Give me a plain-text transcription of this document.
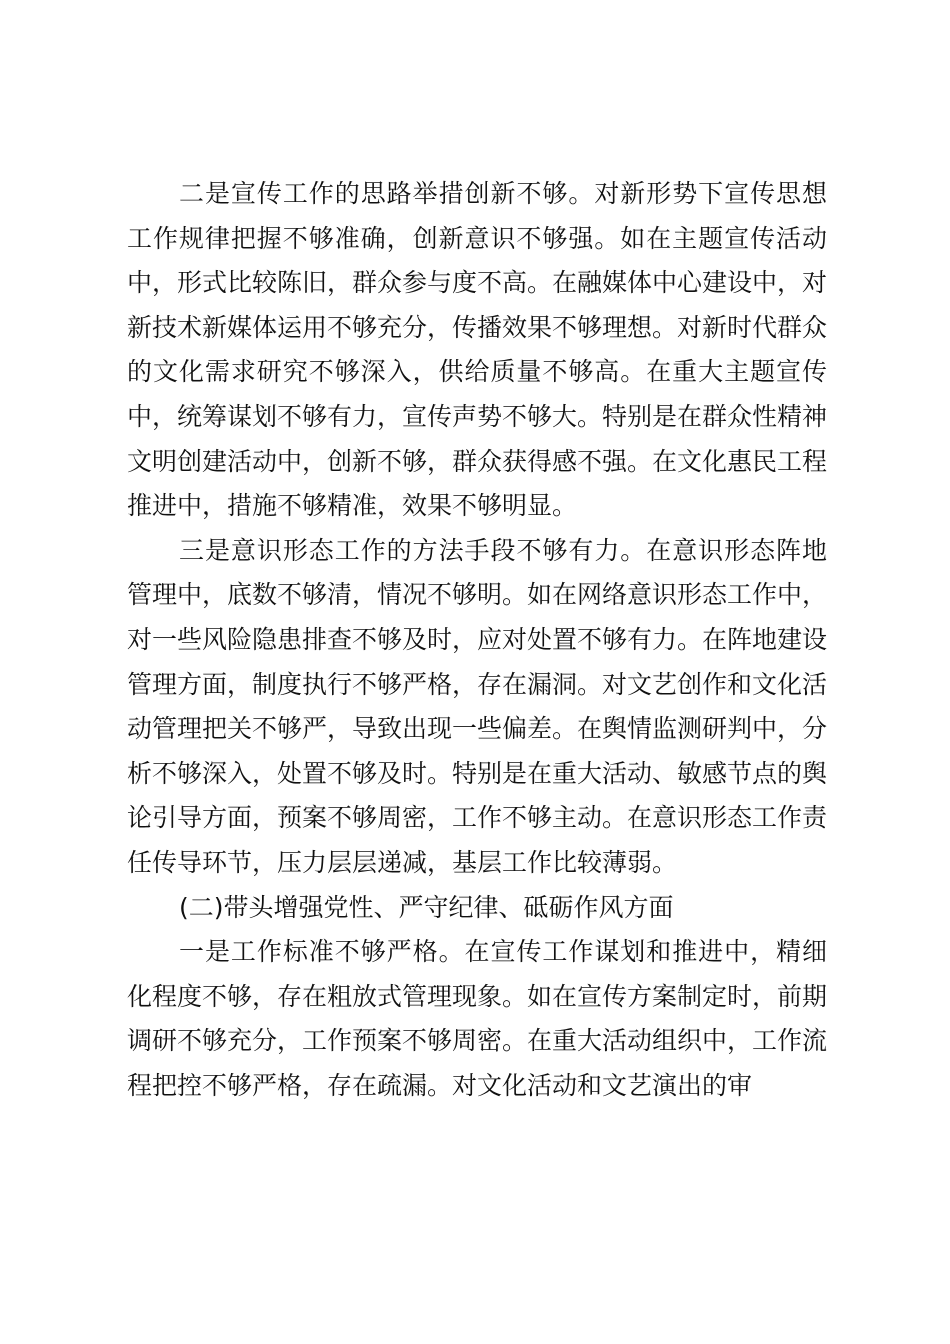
二是宣传工作的思路举措创新不够。对新形势下宣传思想工作规律把握不够准确，创新意识不够强。如在主题宣传活动中，形式比较陈旧，群众参与度不高。在融媒体中心建设中，对新技术新媒体运用不够充分，传播效果不够理想。对新时代群众的文化需求研究不够深入，供给质量不够高。在重大主题宣传中，统筹谋划不够有力，宣传声势不够大。特别是在群众性精神文明创建活动中，创新不够，群众获得感不强。在文化惠民工程推进中，措施不够精准，效果不够明显。

三是意识形态工作的方法手段不够有力。在意识形态阵地管理中，底数不够清，情况不够明。如在网络意识形态工作中，对一些风险隐患排查不够及时，应对处置不够有力。在阵地建设管理方面，制度执行不够严格，存在漏洞。对文艺创作和文化活动管理把关不够严，导致出现一些偏差。在舆情监测研判中，分析不够深入，处置不够及时。特别是在重大活动、敏感节点的舆论引导方面，预案不够周密，工作不够主动。在意识形态工作责任传导环节，压力层层递减，基层工作比较薄弱。

(二)带头增强党性、严守纪律、砥砺作风方面

一是工作标准不够严格。在宣传工作谋划和推进中，精细化程度不够，存在粗放式管理现象。如在宣传方案制定时，前期调研不够充分，工作预案不够周密。在重大活动组织中，工作流程把控不够严格，存在疏漏。对文化活动和文艺演出的审
